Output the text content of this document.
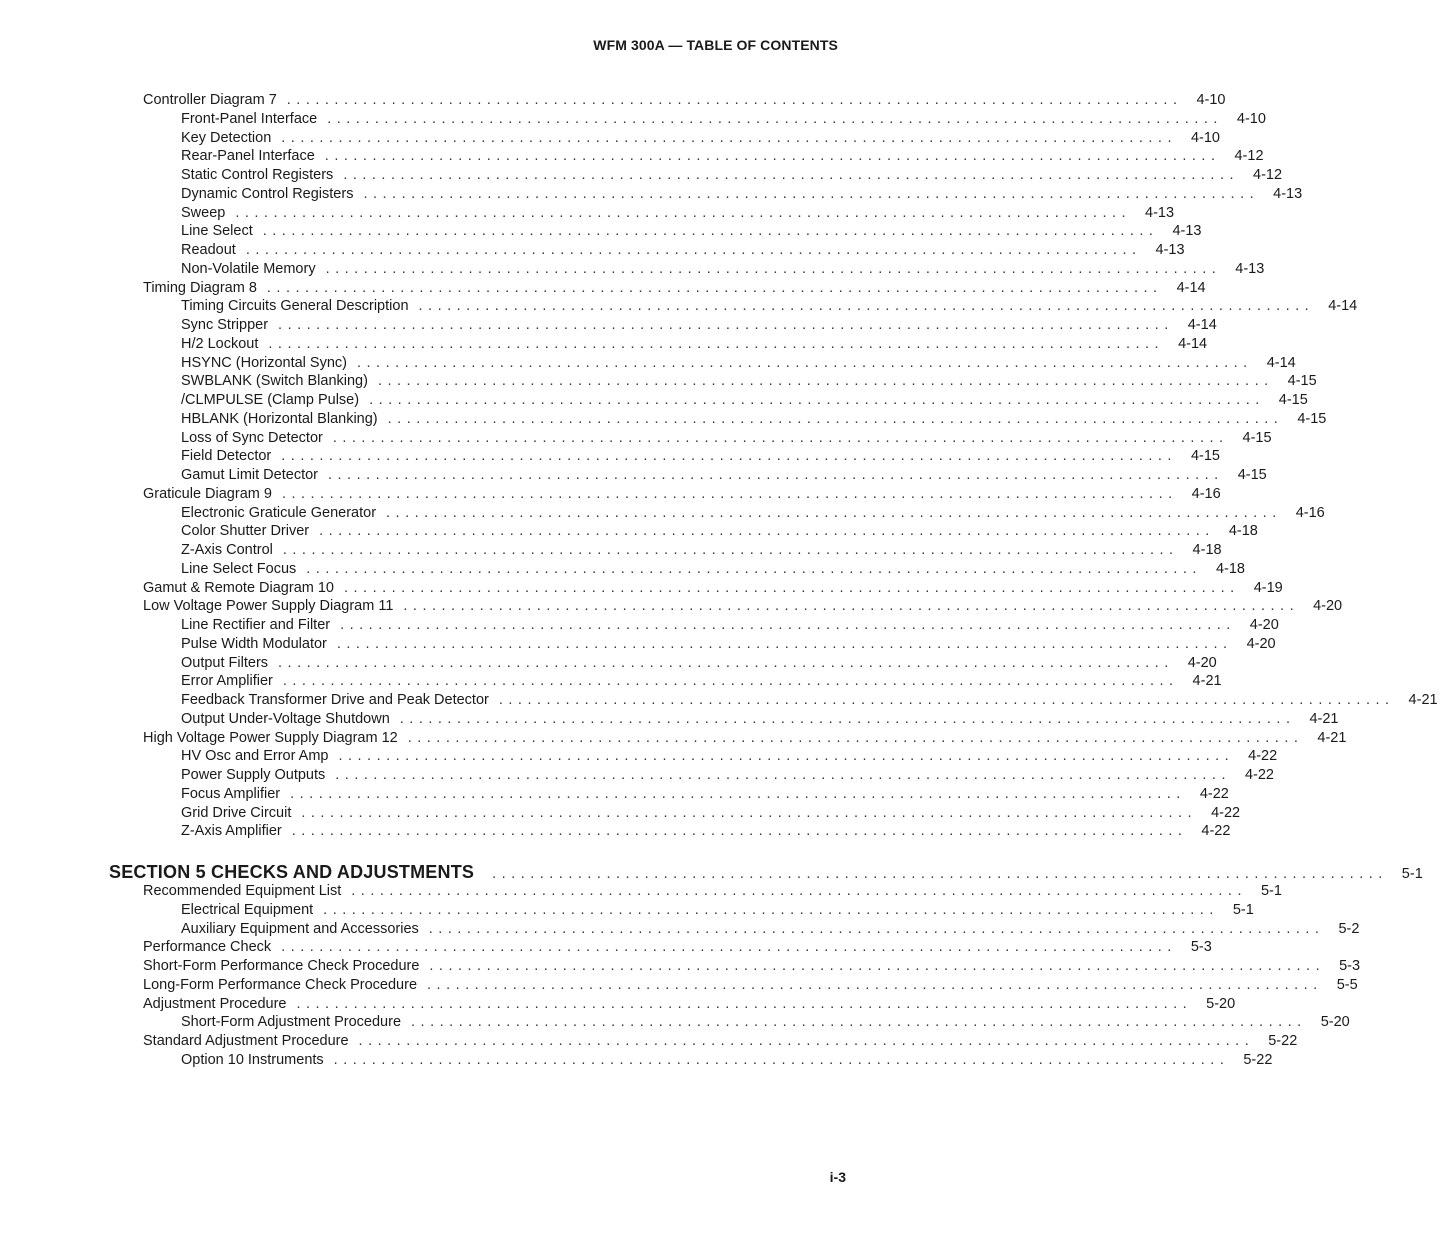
WFM 300A — TABLE OF CONTENTS
Controller Diagram 7 .............................................................................................. 4-10
Front-Panel Interface .............................................................................................. 4-10
Key Detection .............................................................................................. 4-10
Rear-Panel Interface .............................................................................................. 4-12
Static Control Registers .............................................................................................. 4-12
Dynamic Control Registers .............................................................................................. 4-13
Sweep .............................................................................................. 4-13
Line Select .............................................................................................. 4-13
Readout .............................................................................................. 4-13
Non-Volatile Memory .............................................................................................. 4-13
Timing Diagram 8 .............................................................................................. 4-14
Timing Circuits General Description .............................................................................................. 4-14
Sync Stripper .............................................................................................. 4-14
H/2 Lockout .............................................................................................. 4-14
HSYNC (Horizontal Sync) .............................................................................................. 4-14
SWBLANK (Switch Blanking) .............................................................................................. 4-15
/CLMPULSE (Clamp Pulse) .............................................................................................. 4-15
HBLANK (Horizontal Blanking) .............................................................................................. 4-15
Loss of Sync Detector .............................................................................................. 4-15
Field Detector .............................................................................................. 4-15
Gamut Limit Detector .............................................................................................. 4-15
Graticule Diagram 9 .............................................................................................. 4-16
Electronic Graticule Generator .............................................................................................. 4-16
Color Shutter Driver .............................................................................................. 4-18
Z-Axis Control .............................................................................................. 4-18
Line Select Focus .............................................................................................. 4-18
Gamut & Remote Diagram 10 .............................................................................................. 4-19
Low Voltage Power Supply Diagram 11 .............................................................................................. 4-20
Line Rectifier and Filter .............................................................................................. 4-20
Pulse Width Modulator .............................................................................................. 4-20
Output Filters .............................................................................................. 4-20
Error Amplifier .............................................................................................. 4-21
Feedback Transformer Drive and Peak Detector .............................................................................................. 4-21
Output Under-Voltage Shutdown .............................................................................................. 4-21
High Voltage Power Supply Diagram 12 .............................................................................................. 4-21
HV Osc and Error Amp .............................................................................................. 4-22
Power Supply Outputs .............................................................................................. 4-22
Focus Amplifier .............................................................................................. 4-22
Grid Drive Circuit .............................................................................................. 4-22
Z-Axis Amplifier .............................................................................................. 4-22
SECTION 5 CHECKS AND ADJUSTMENTS	.............................................................................................. 5-1
Recommended Equipment List .............................................................................................. 5-1
Electrical Equipment .............................................................................................. 5-1
Auxiliary Equipment and Accessories .............................................................................................. 5-2
Performance Check .............................................................................................. 5-3
Short-Form Performance Check Procedure .............................................................................................. 5-3
Long-Form Performance Check Procedure .............................................................................................. 5-5
Adjustment Procedure .............................................................................................. 5-20
Short-Form Adjustment Procedure .............................................................................................. 5-20
Standard Adjustment Procedure .............................................................................................. 5-22
Option 10 Instruments .............................................................................................. 5-22
i-3
